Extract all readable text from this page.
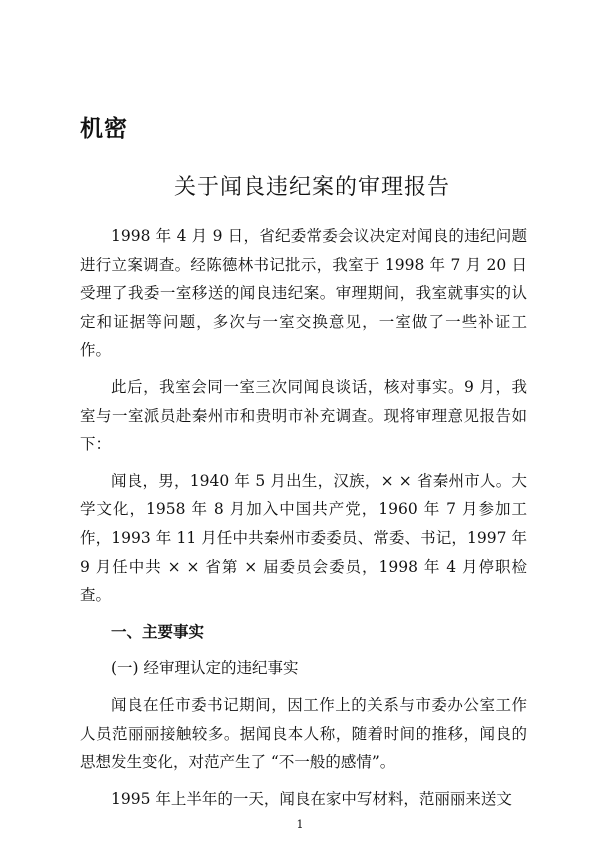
机密
关于闻良违纪案的审理报告

1998 年 4 月 9 日，省纪委常委会议决定对闻良的违纪问题进行立案调查。经陈德林书记批示，我室于 1998 年 7 月 20 日受理了我委一室移送的闻良违纪案。审理期间，我室就事实的认定和证据等问题，多次与一室交换意见，一室做了一些补证工作。

此后，我室会同一室三次同闻良谈话，核对事实。9 月，我室与一室派员赴秦州市和贵明市补充调查。现将审理意见报告如下：

闻良，男，1940 年 5 月出生，汉族，× × 省秦州市人。大学文化，1958 年 8 月加入中国共产党，1960 年 7 月参加工作，1993 年 11 月任中共秦州市委委员、常委、书记，1997 年 9 月任中共 × × 省第 × 届委员会委员，1998 年 4 月停职检查。

一、主要事实
(一) 经审理认定的违纪事实

闻良在任市委书记期间，因工作上的关系与市委办公室工作人员范丽丽接触较多。据闻良本人称，随着时间的推移，闻良的思想发生变化，对范产生了 “不一般的感情”。

1995 年上半年的一天，闻良在家中写材料，范丽丽来送文

1
